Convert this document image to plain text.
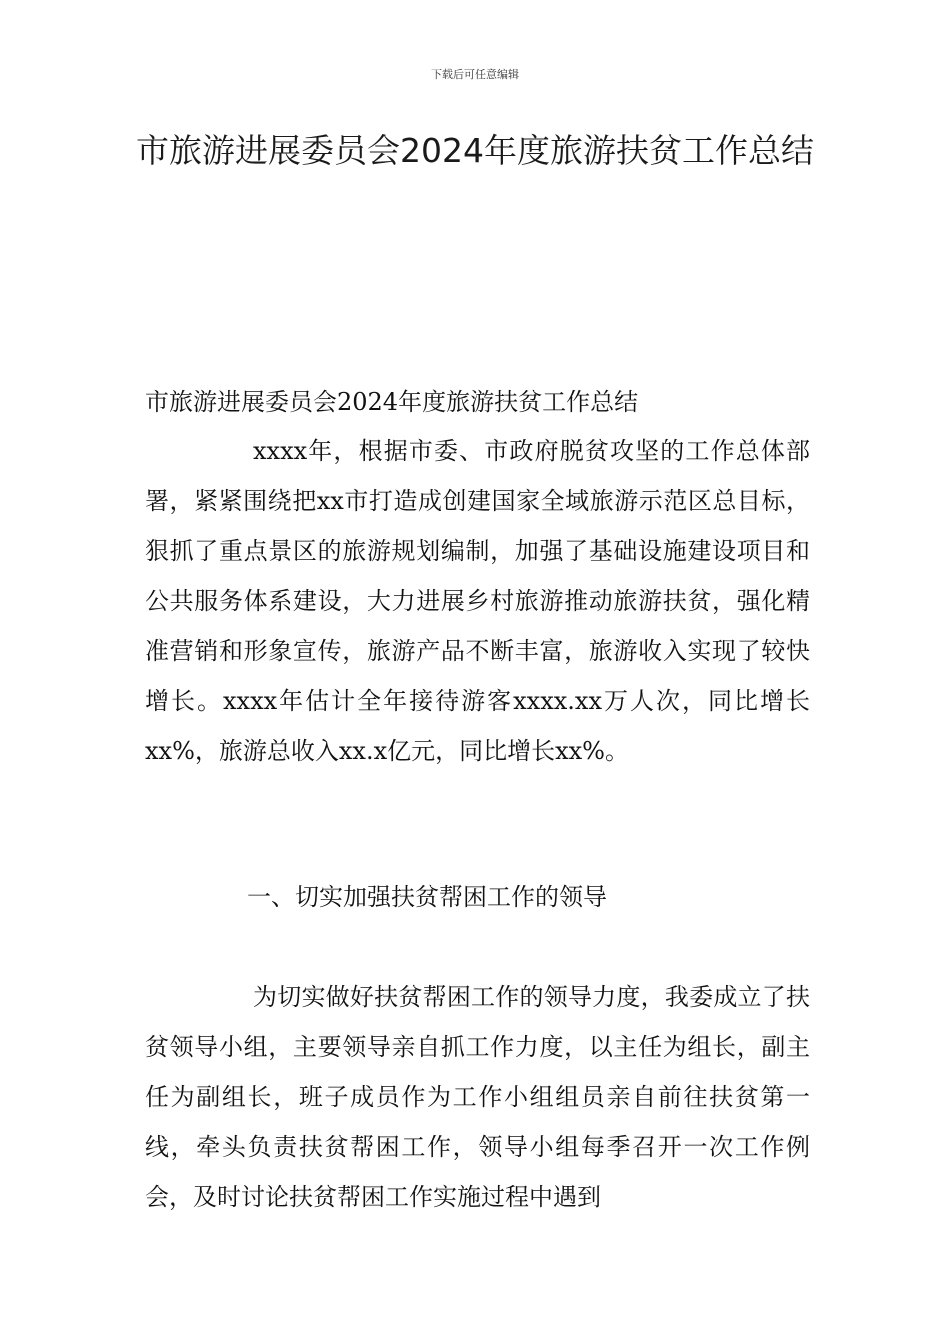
下载后可任意编辑
市旅游进展委员会2024年度旅游扶贫工作总结

市旅游进展委员会2024年度旅游扶贫工作总结

xxxx年，根据市委、市政府脱贫攻坚的工作总体部署，紧紧围绕把xx市打造成创建国家全域旅游示范区总目标，狠抓了重点景区的旅游规划编制，加强了基础设施建设项目和公共服务体系建设，大力进展乡村旅游推动旅游扶贫，强化精准营销和形象宣传，旅游产品不断丰富，旅游收入实现了较快增长。xxxx年估计全年接待游客xxxx.xx万人次，同比增长xx%，旅游总收入xx.x亿元，同比增长xx%。

一、切实加强扶贫帮困工作的领导

为切实做好扶贫帮困工作的领导力度，我委成立了扶贫领导小组，主要领导亲自抓工作力度，以主任为组长，副主任为副组长，班子成员作为工作小组组员亲自前往扶贫第一线，牵头负责扶贫帮困工作，领导小组每季召开一次工作例会，及时讨论扶贫帮困工作实施过程中遇到
